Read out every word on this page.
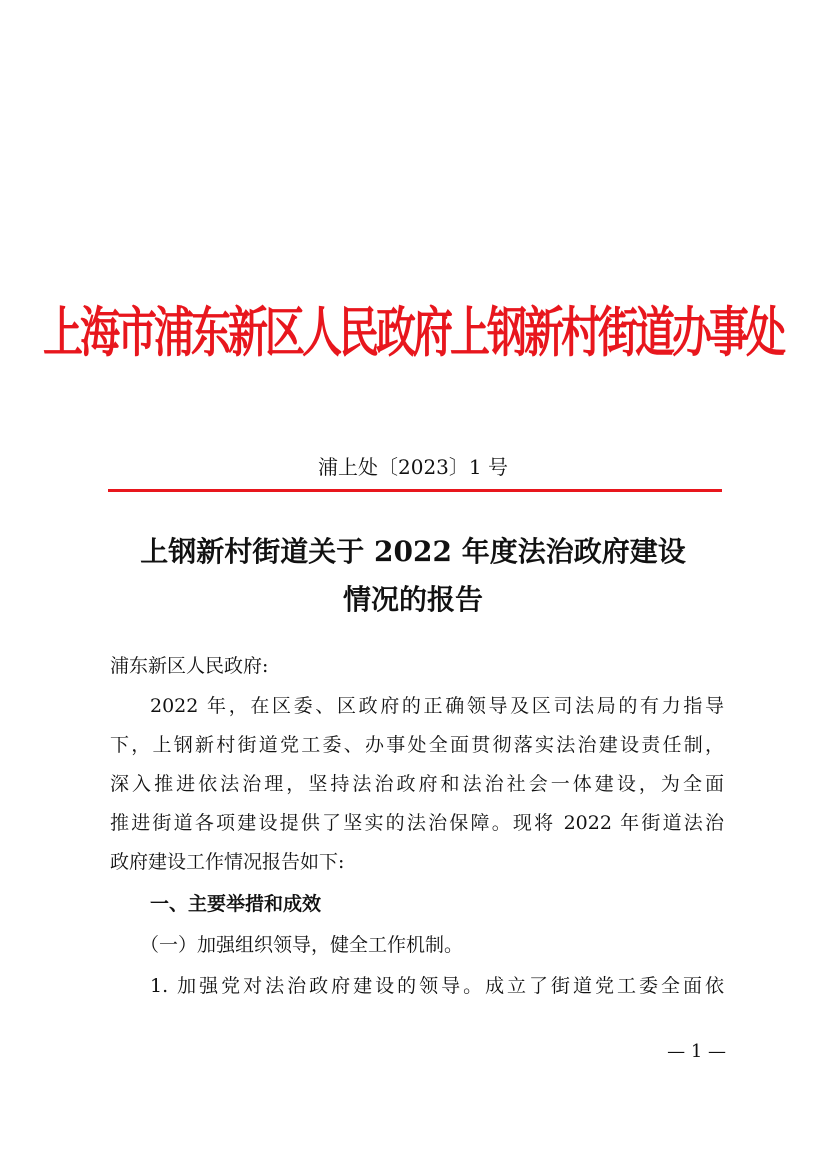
上海市浦东新区人民政府上钢新村街道办事处
浦上处〔2023〕1 号
上钢新村街道关于 2022 年度法治政府建设
情况的报告
浦东新区人民政府:
2022 年，在区委、区政府的正确领导及区司法局的有力指导
下，上钢新村街道党工委、办事处全面贯彻落实法治建设责任制，
深入推进依法治理，坚持法治政府和法治社会一体建设，为全面
推进街道各项建设提供了坚实的法治保障。现将 2022 年街道法治
政府建设工作情况报告如下:
一、主要举措和成效
（一）加强组织领导，健全工作机制。
1. 加强党对法治政府建设的领导。成立了街道党工委全面依
— 1 —
